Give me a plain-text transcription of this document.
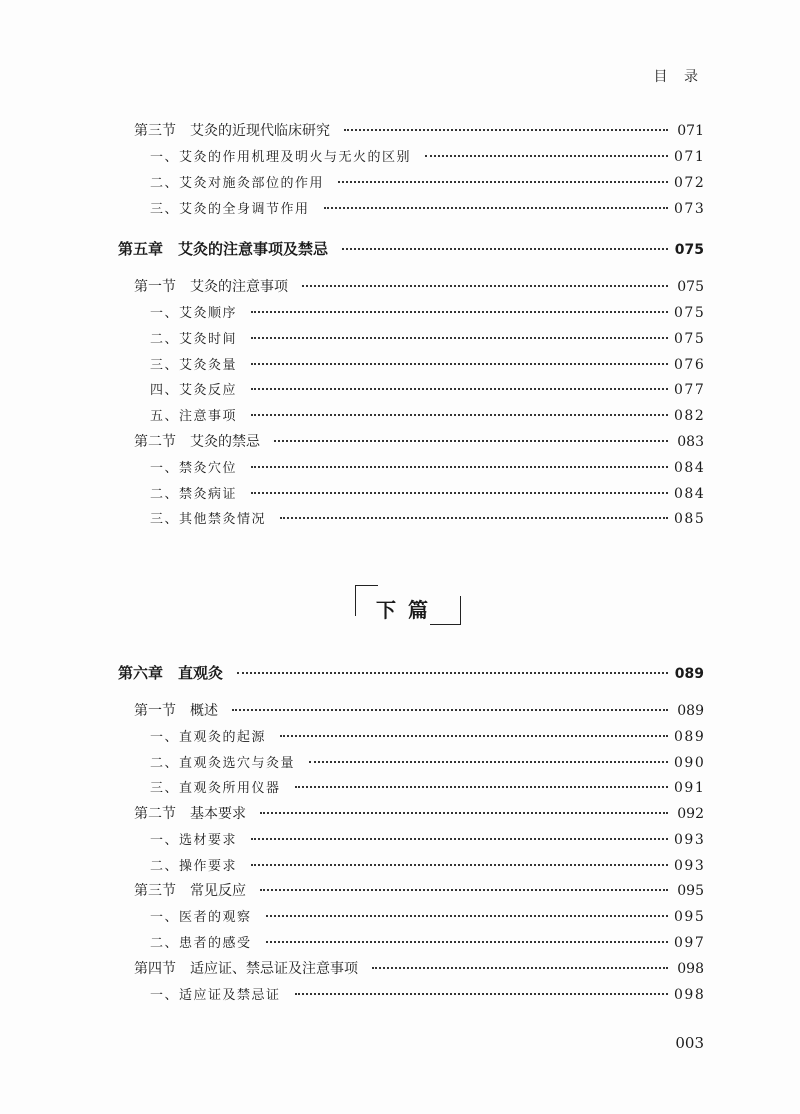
目 录
第三节　艾灸的近现代临床研究	071
一、艾灸的作用机理及明火与无火的区别	071
二、艾灸对施灸部位的作用	072
三、艾灸的全身调节作用	073
第五章　艾灸的注意事项及禁忌	075
第一节　艾灸的注意事项	075
一、艾灸顺序	075
二、艾灸时间	075
三、艾灸灸量	076
四、艾灸反应	077
五、注意事项	082
第二节　艾灸的禁忌	083
一、禁灸穴位	084
二、禁灸病证	084
三、其他禁灸情况	085
第六章　直观灸	089
第一节　概述	089
一、直观灸的起源	089
二、直观灸选穴与灸量	090
三、直观灸所用仪器	091
第二节　基本要求	092
一、选材要求	093
二、操作要求	093
第三节　常见反应	095
一、医者的观察	095
二、患者的感受	097
第四节　适应证、禁忌证及注意事项	098
一、适应证及禁忌证	098
下篇
003
